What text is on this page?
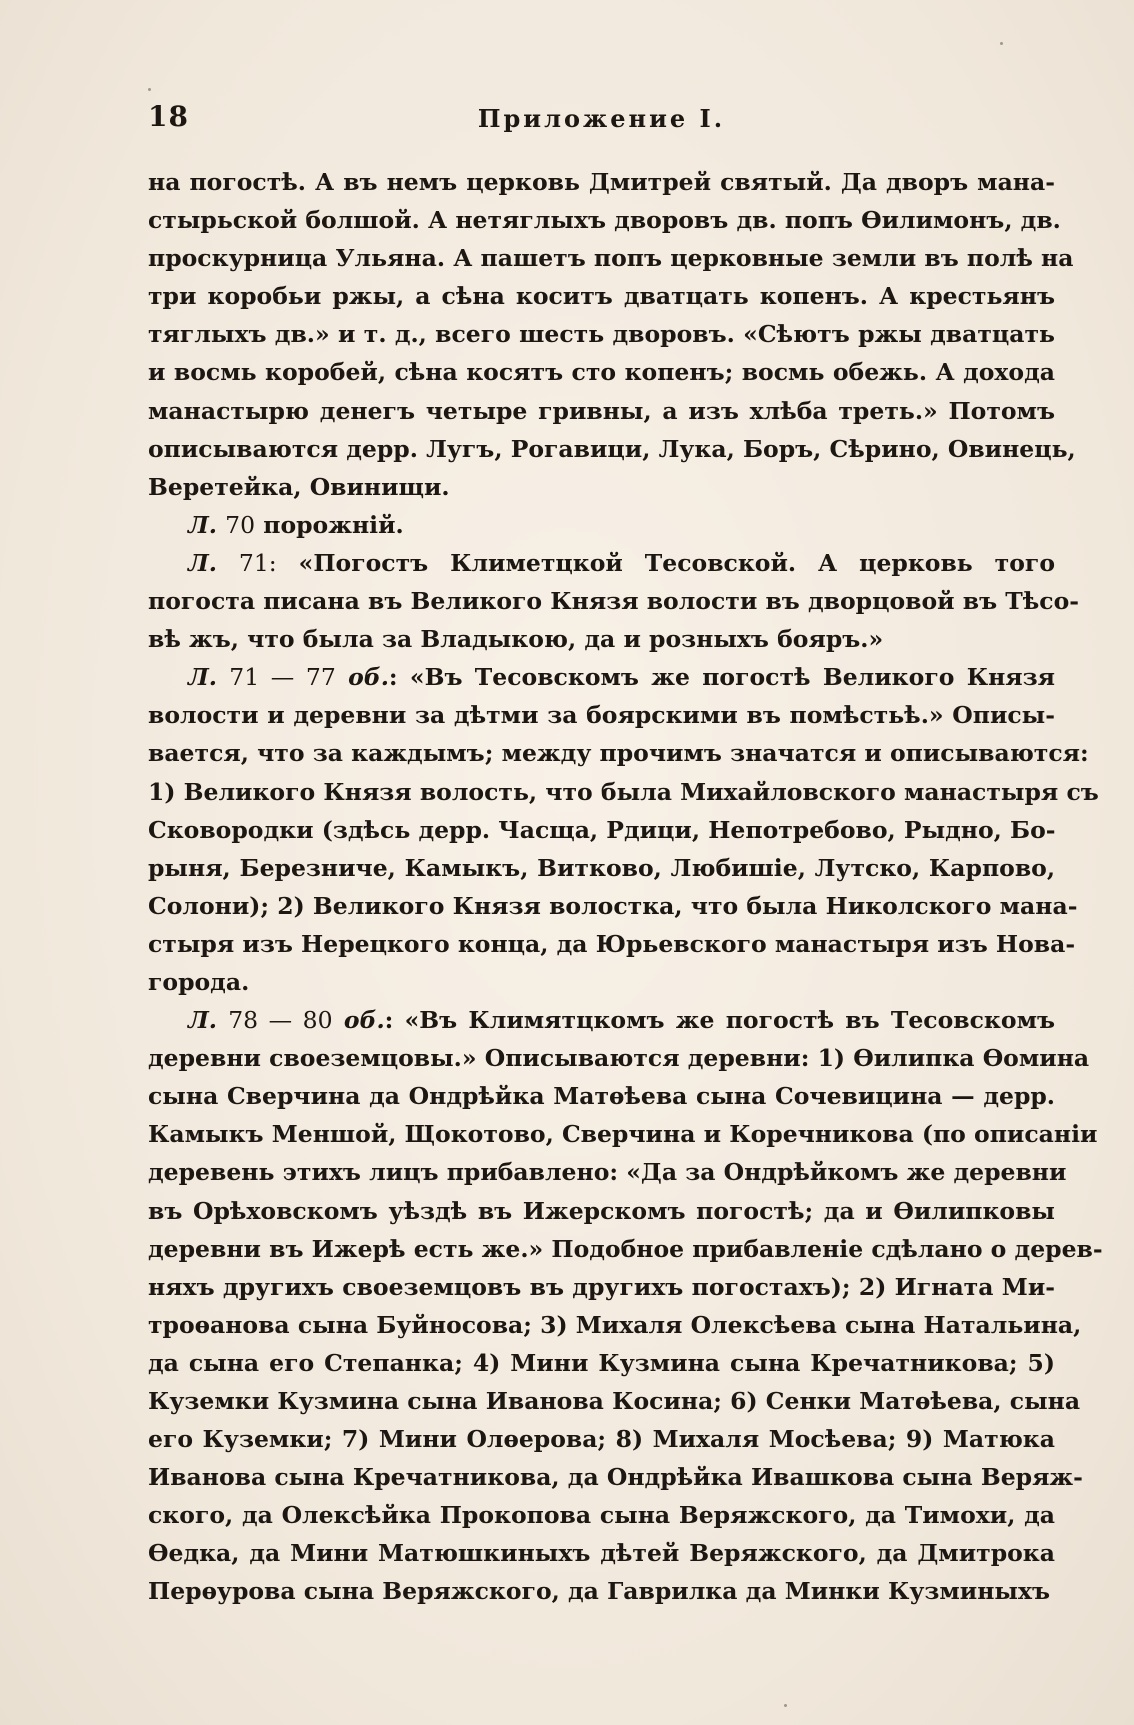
18	Приложение I.
на погостѣ. А въ немъ церковь Дмитрей святый. Да дворъ мана-
стырьской болшой. А нетяглыхъ дворовъ дв. попъ Ѳилимонъ, дв.
проскурница Ульяна. А пашетъ попъ церковные земли въ полѣ на
три коробьи ржы, а сѣна коситъ дватцать копенъ. А крестьянъ
тяглыхъ дв.» и т. д., всего шесть дворовъ. «Сѣютъ ржы дватцать
и восмь коробей, сѣна косятъ сто копенъ; восмь обежь. А дохода
манастырю денегъ четыре гривны, а изъ хлѣба треть.» Потомъ
описываются дерр. Лугъ, Рогавици, Лука, Боръ, Сѣрино, Овинець,
Веретейка, Овинищи.
Л. 70 порожній.
Л. 71: «Погостъ Климетцкой Тесовской. А церковь того
погоста писана въ Великого Князя волости въ дворцовой въ Тѣсо-
вѣ жъ, что была за Владыкою, да и розныхъ бояръ.»
Л. 71 — 77 об.: «Въ Тесовскомъ же погостѣ Великого Князя
волости и деревни за дѣтми за боярскими въ помѣстьѣ.» Описы-
вается, что за каждымъ; между прочимъ значатся и описываются:
1) Великого Князя волость, что была Михайловского манастыря съ
Сковородки (здѣсь дерр. Часща, Рдици, Непотребово, Рыдно, Бо-
рыня, Березниче, Камыкъ, Витково, Любишіе, Лутско, Карпово,
Солони); 2) Великого Князя волостка, что была Николского мана-
стыря изъ Нерецкого конца, да Юрьевского манастыря изъ Нова-
города.
Л. 78 — 80 об.: «Въ Климятцкомъ же погостѣ въ Тесовскомъ
деревни своеземцовы.» Описываются деревни: 1) Ѳилипка Ѳомина
сына Сверчина да Ондрѣйка Матѳѣева сына Сочевицина — дерр.
Камыкъ Меншой, Щокотово, Сверчина и Коречникова (по описаніи
деревень этихъ лицъ прибавлено: «Да за Ондрѣйкомъ же деревни
въ Орѣховскомъ уѣздѣ въ Ижерскомъ погостѣ; да и Ѳилипковы
деревни въ Ижерѣ есть же.» Подобное прибавленіе сдѣлано о дерев-
няхъ другихъ своеземцовъ въ другихъ погостахъ); 2) Игната Ми-
троѳанова сына Буйносова; 3) Михаля Олексѣева сына Натальина,
да сына его Степанка; 4) Мини Кузмина сына Кречатникова; 5)
Куземки Кузмина сына Иванова Косина; 6) Сенки Матѳѣева, сына
его Куземки; 7) Мини Олѳерова; 8) Михаля Мосѣева; 9) Матюка
Иванова сына Кречатникова, да Ондрѣйка Ивашкова сына Веряж-
ского, да Олексѣйка Прокопова сына Веряжского, да Тимохи, да
Ѳедка, да Мини Матюшкиныхъ дѣтей Веряжского, да Дмитрока
Перѳурова сына Веряжского, да Гаврилка да Минки Кузминыхъ
